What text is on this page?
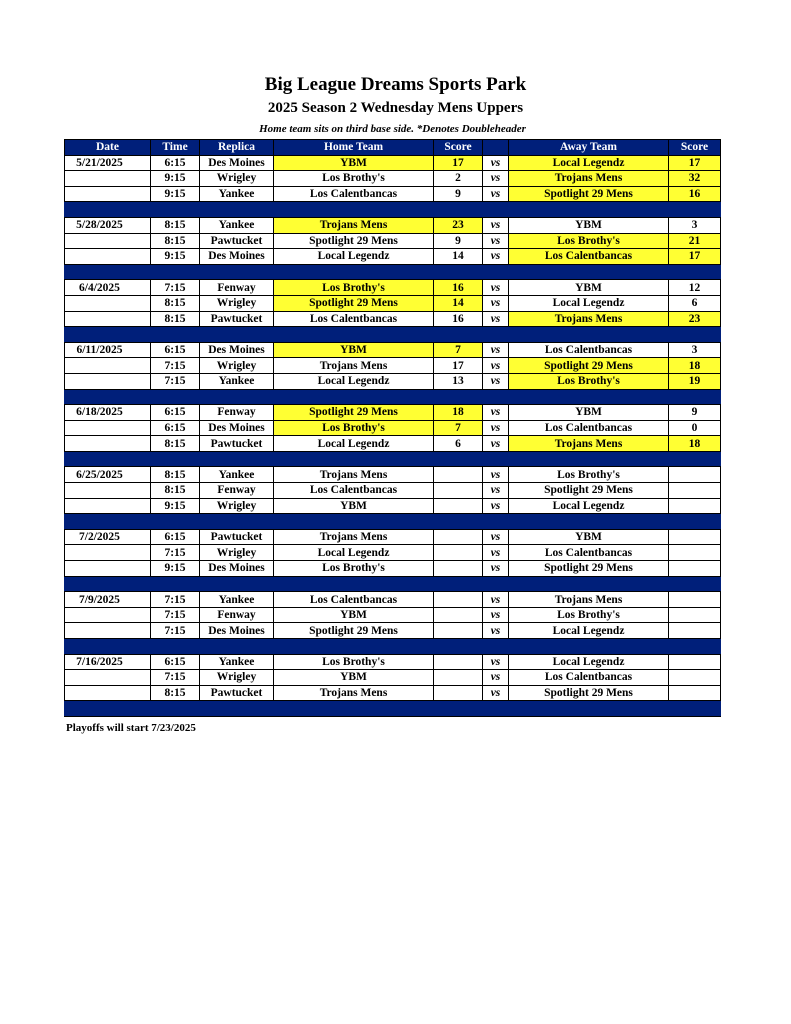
Big League Dreams Sports Park
2025 Season 2 Wednesday Mens Uppers
Home team sits on third base side. *Denotes Doubleheader
Date	Time	Replica	Home Team	Score		Away Team	Score
5/21/2025	6:15	Des Moines	YBM	17	vs	Local Legendz	17
	9:15	Wrigley	Los Brothy's	2	vs	Trojans Mens	32
	9:15	Yankee	Los Calentbancas	9	vs	Spotlight 29 Mens	16

5/28/2025	8:15	Yankee	Trojans Mens	23	vs	YBM	3
	8:15	Pawtucket	Spotlight 29 Mens	9	vs	Los Brothy's	21
	9:15	Des Moines	Local Legendz	14	vs	Los Calentbancas	17

6/4/2025	7:15	Fenway	Los Brothy's	16	vs	YBM	12
	8:15	Wrigley	Spotlight 29 Mens	14	vs	Local Legendz	6
	8:15	Pawtucket	Los Calentbancas	16	vs	Trojans Mens	23

6/11/2025	6:15	Des Moines	YBM	7	vs	Los Calentbancas	3
	7:15	Wrigley	Trojans Mens	17	vs	Spotlight 29 Mens	18
	7:15	Yankee	Local Legendz	13	vs	Los Brothy's	19

6/18/2025	6:15	Fenway	Spotlight 29 Mens	18	vs	YBM	9
	6:15	Des Moines	Los Brothy's	7	vs	Los Calentbancas	0
	8:15	Pawtucket	Local Legendz	6	vs	Trojans Mens	18

6/25/2025	8:15	Yankee	Trojans Mens		vs	Los Brothy's	
	8:15	Fenway	Los Calentbancas		vs	Spotlight 29 Mens	
	9:15	Wrigley	YBM		vs	Local Legendz	

7/2/2025	6:15	Pawtucket	Trojans Mens		vs	YBM	
	7:15	Wrigley	Local Legendz		vs	Los Calentbancas	
	9:15	Des Moines	Los Brothy's		vs	Spotlight 29 Mens	

7/9/2025	7:15	Yankee	Los Calentbancas		vs	Trojans Mens	
	7:15	Fenway	YBM		vs	Los Brothy's	
	7:15	Des Moines	Spotlight 29 Mens		vs	Local Legendz	

7/16/2025	6:15	Yankee	Los Brothy's		vs	Local Legendz	
	7:15	Wrigley	YBM		vs	Los Calentbancas	
	8:15	Pawtucket	Trojans Mens		vs	Spotlight 29 Mens	

Playoffs will start 7/23/2025
